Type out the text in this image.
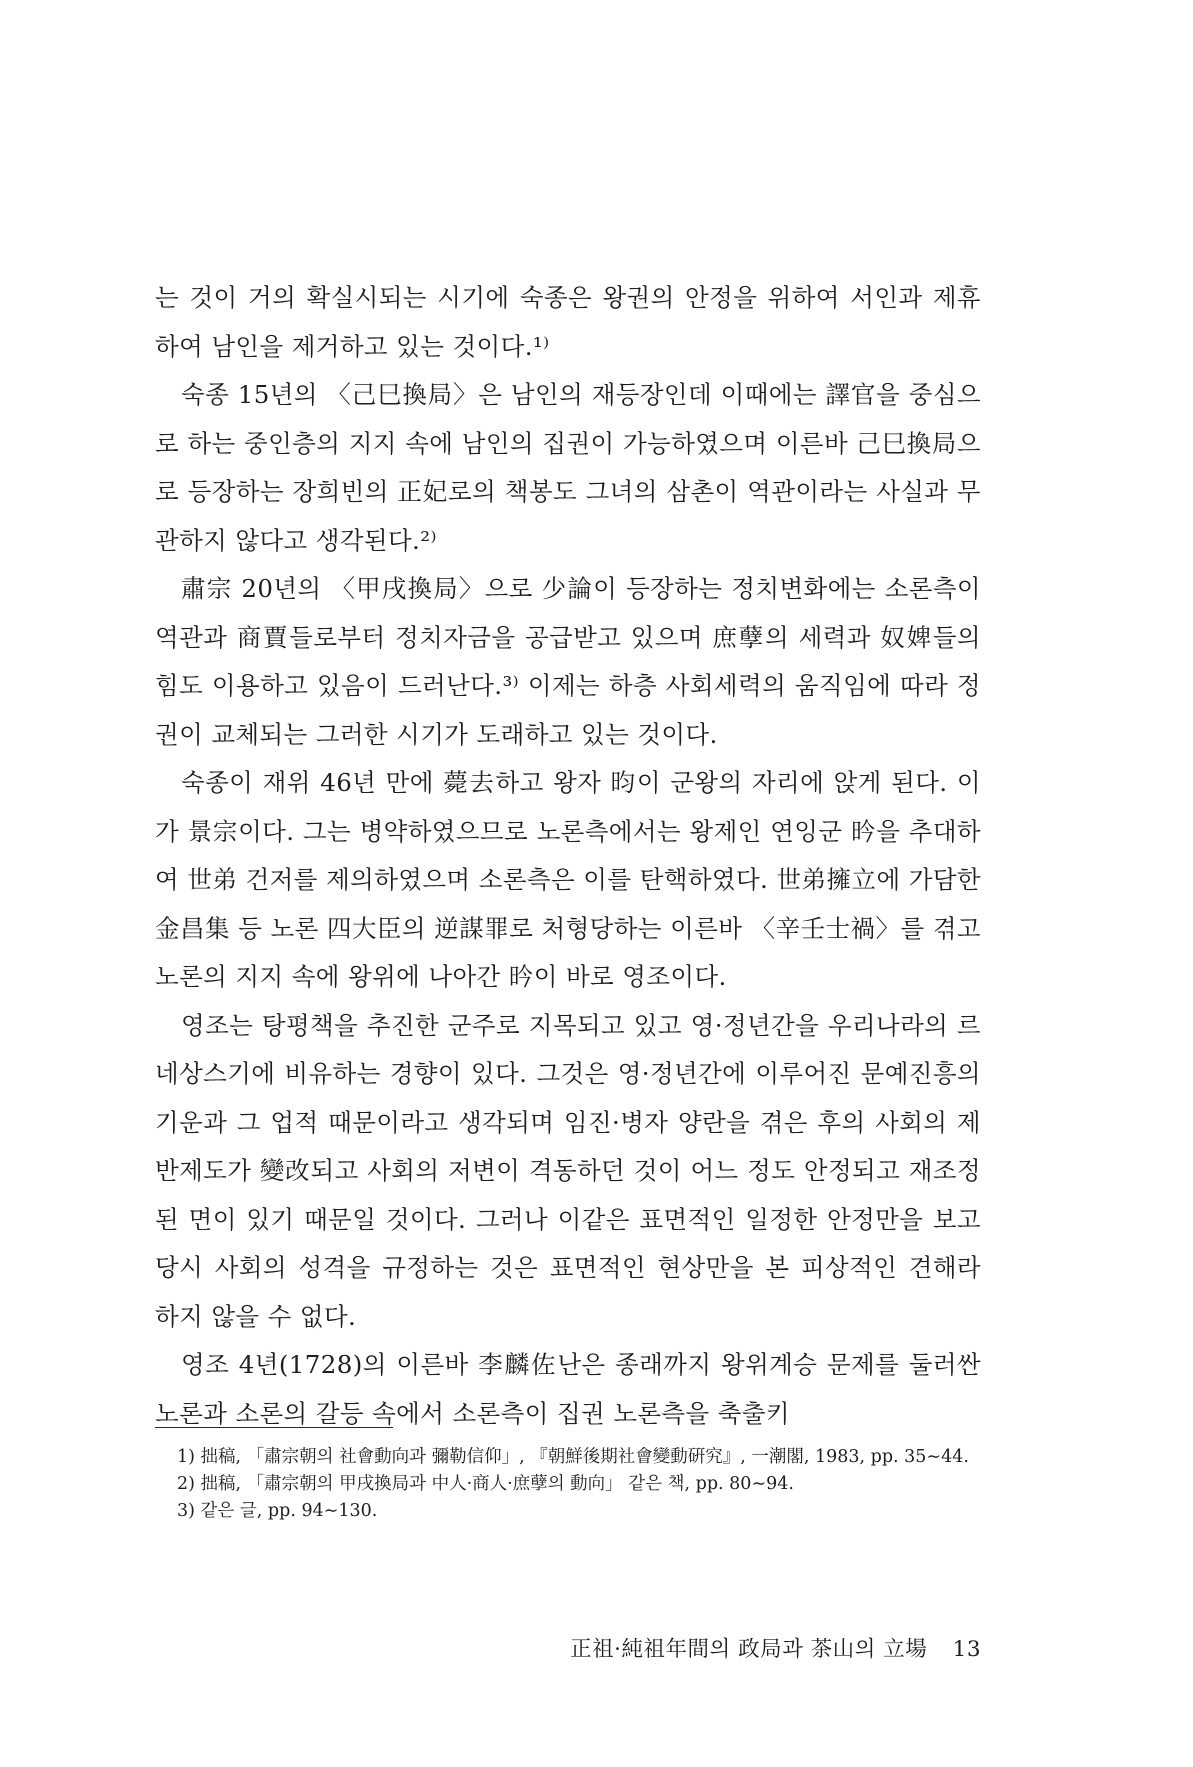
는 것이 거의 확실시되는 시기에 숙종은 왕권의 안정을 위하여 서인과 제휴하여 남인을 제거하고 있는 것이다.¹⁾

숙종 15년의 〈己巳換局〉은 남인의 재등장인데 이때에는 譯官을 중심으로 하는 중인층의 지지 속에 남인의 집권이 가능하였으며 이른바 己巳換局으로 등장하는 장희빈의 正妃로의 책봉도 그녀의 삼촌이 역관이라는 사실과 무관하지 않다고 생각된다.²⁾

肅宗 20년의 〈甲戌換局〉으로 少論이 등장하는 정치변화에는 소론측이 역관과 商賈들로부터 정치자금을 공급받고 있으며 庶孽의 세력과 奴婢들의 힘도 이용하고 있음이 드러난다.³⁾ 이제는 하층 사회세력의 움직임에 따라 정권이 교체되는 그러한 시기가 도래하고 있는 것이다.

숙종이 재위 46년 만에 薨去하고 왕자 昀이 군왕의 자리에 앉게 된다. 이가 景宗이다. 그는 병약하였으므로 노론측에서는 왕제인 연잉군 昑을 추대하여 世弟 건저를 제의하였으며 소론측은 이를 탄핵하였다. 世弟擁立에 가담한 金昌集 등 노론 四大臣의 逆謀罪로 처형당하는 이른바 〈辛壬士禍〉를 겪고 노론의 지지 속에 왕위에 나아간 昑이 바로 영조이다.

영조는 탕평책을 추진한 군주로 지목되고 있고 영·정년간을 우리나라의 르네상스기에 비유하는 경향이 있다. 그것은 영·정년간에 이루어진 문예진흥의 기운과 그 업적 때문이라고 생각되며 임진·병자 양란을 겪은 후의 사회의 제반제도가 變改되고 사회의 저변이 격동하던 것이 어느 정도 안정되고 재조정된 면이 있기 때문일 것이다. 그러나 이같은 표면적인 일정한 안정만을 보고 당시 사회의 성격을 규정하는 것은 표면적인 현상만을 본 피상적인 견해라 하지 않을 수 없다.

영조 4년(1728)의 이른바 李麟佐난은 종래까지 왕위계승 문제를 둘러싼 노론과 소론의 갈등 속에서 소론측이 집권 노론측을 축출키

1) 拙稿, 「肅宗朝의 社會動向과 彌勒信仰」, 『朝鮮後期社會變動硏究』, 一潮閣, 1983, pp. 35∼44.

2) 拙稿, 「肅宗朝의 甲戌換局과 中人·商人·庶孽의 動向」 같은 책, pp. 80∼94.

3) 같은 글, pp. 94∼130.

正祖·純祖年間의 政局과 茶山의 立場 13
